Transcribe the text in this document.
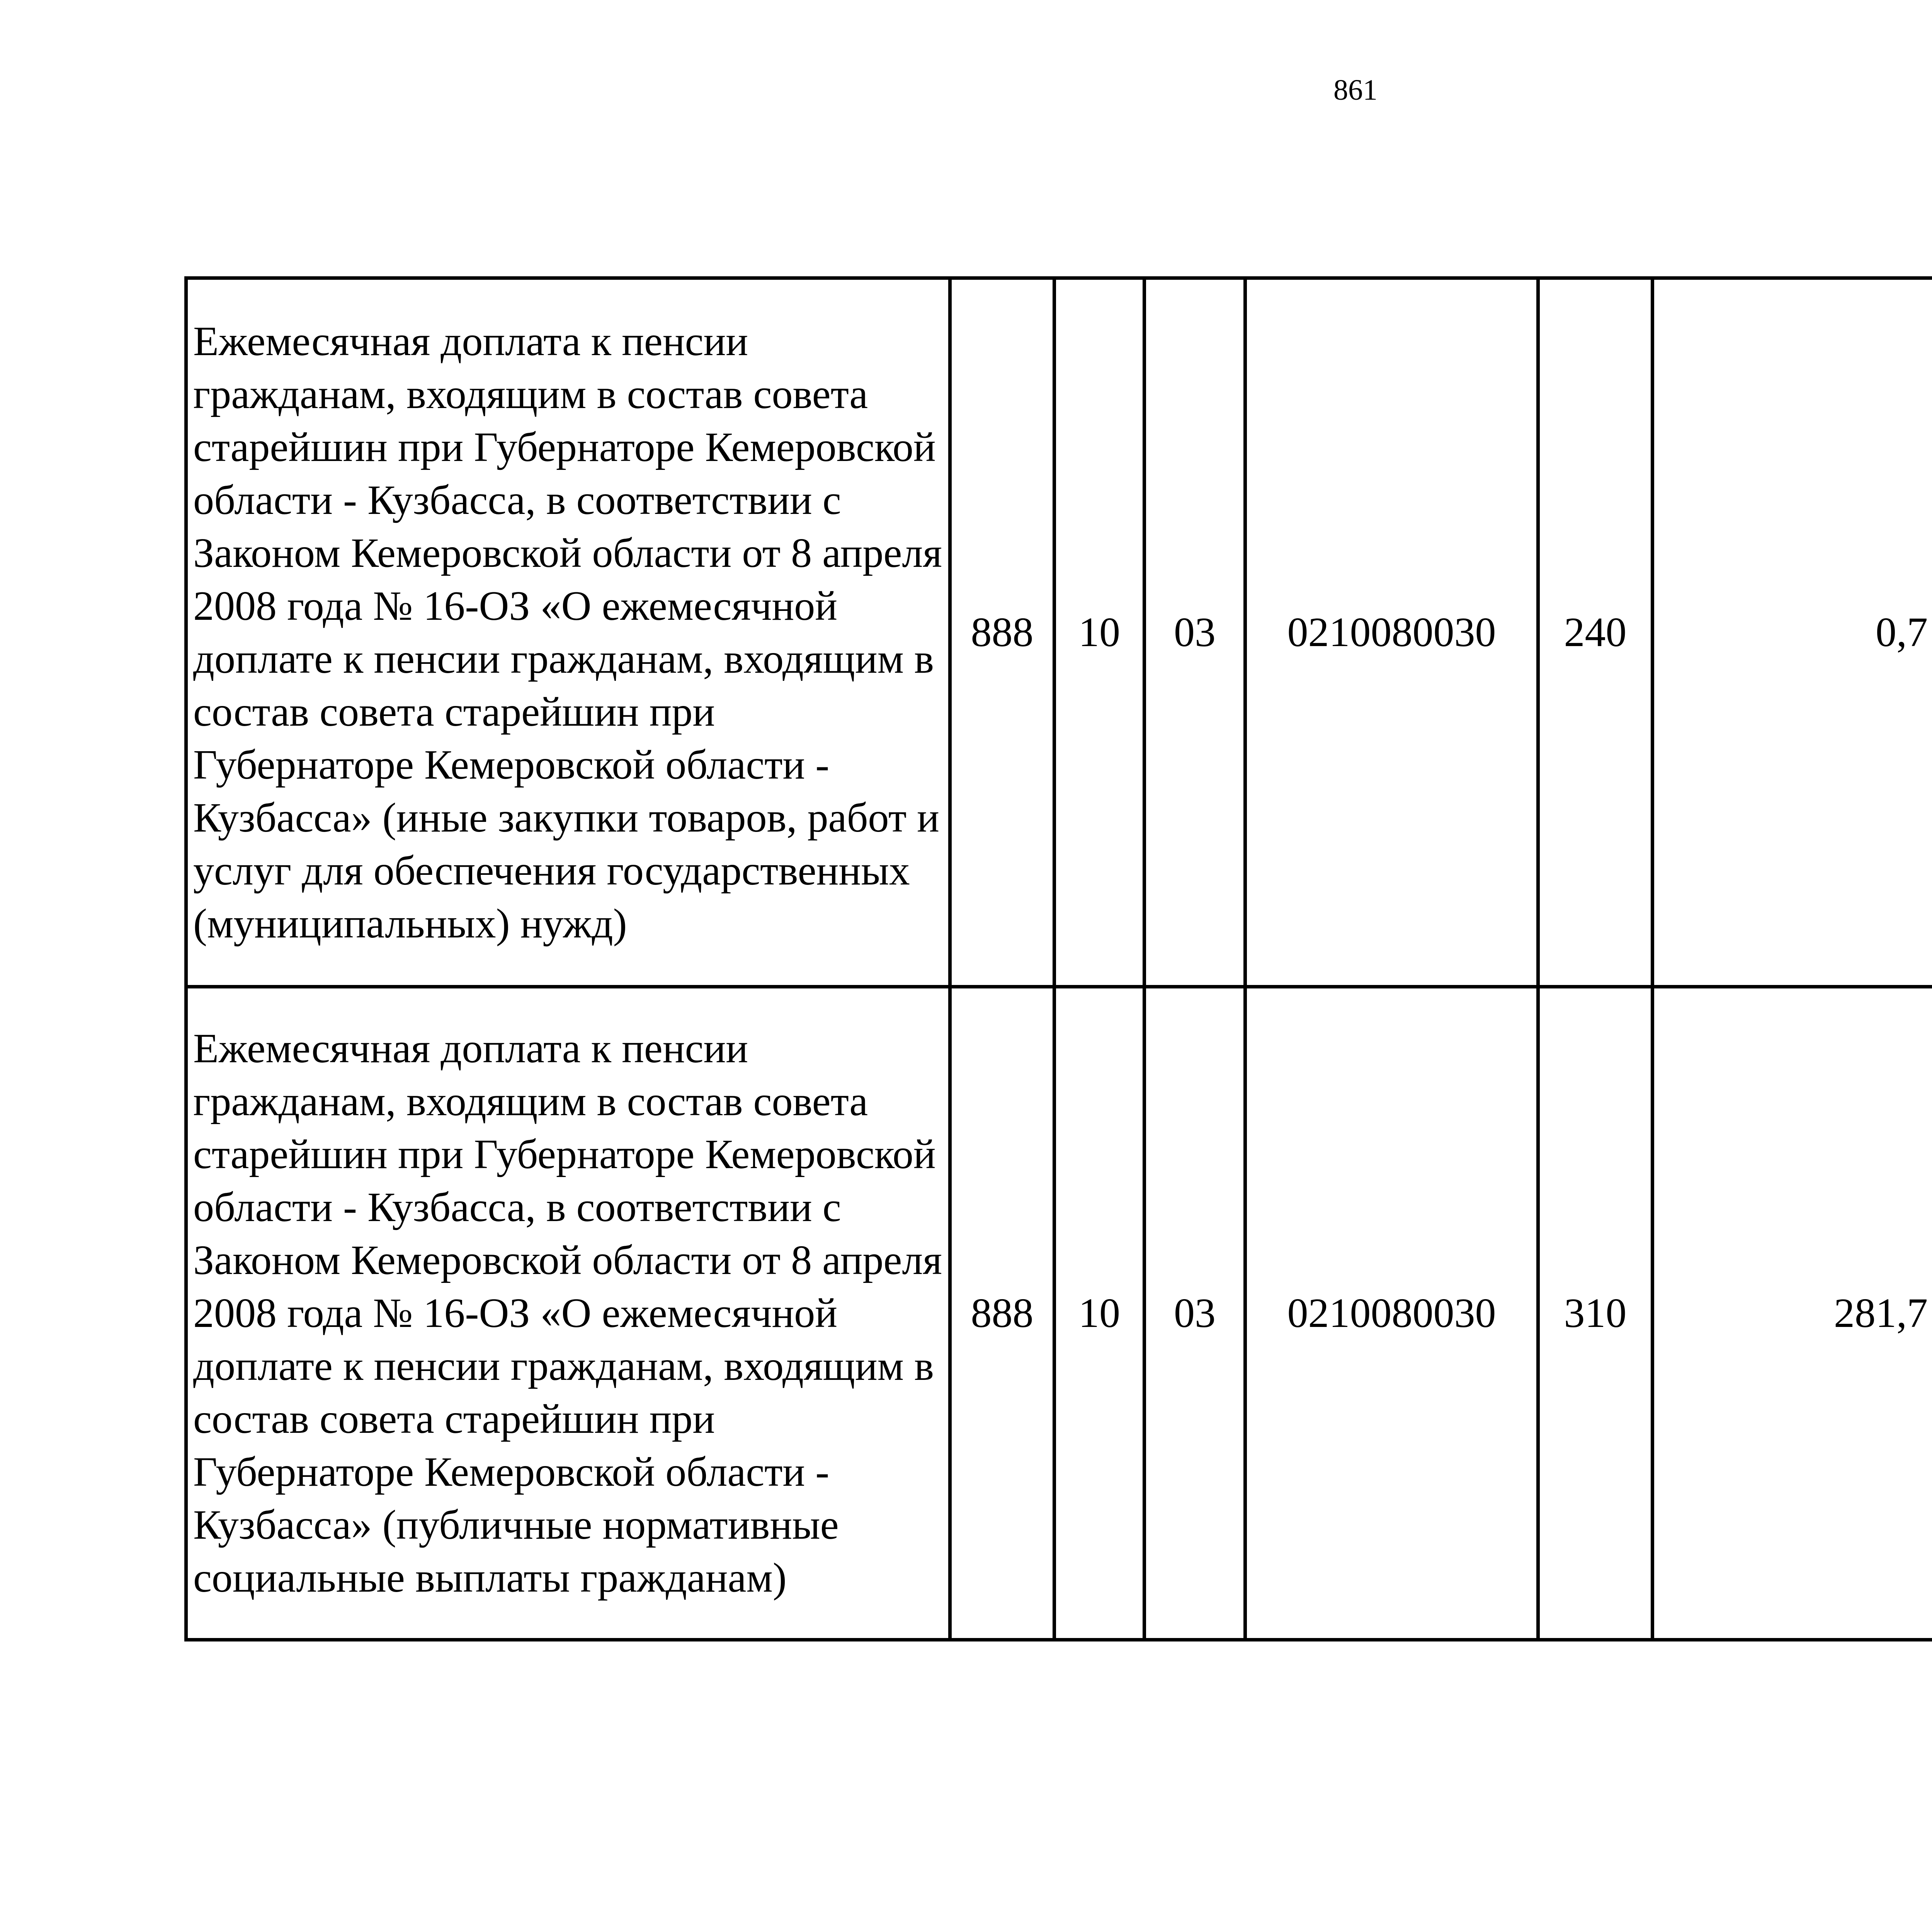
861
Ежемесячная доплата к пенсии гражданам, входящим в состав совета старейшин при Губернаторе Кемеровской области - Кузбасса, в соответствии с Законом Кемеровской области от 8 апреля 2008 года № 16-ОЗ «О ежемесячной доплате к пенсии гражданам, входящим в состав совета старейшин при Губернаторе Кемеровской области - Кузбасса» (иные закупки товаров, работ и услуг для обеспечения государственных (муниципальных) нужд)	888	10	03	0210080030	240	0,7		
Ежемесячная доплата к пенсии гражданам, входящим в состав совета старейшин при Губернаторе Кемеровской области - Кузбасса, в соответствии с Законом Кемеровской области от 8 апреля 2008 года № 16-ОЗ «О ежемесячной доплате к пенсии гражданам, входящим в состав совета старейшин при Губернаторе Кемеровской области - Кузбасса» (публичные нормативные социальные выплаты гражданам)	888	10	03	0210080030	310	281,7		
